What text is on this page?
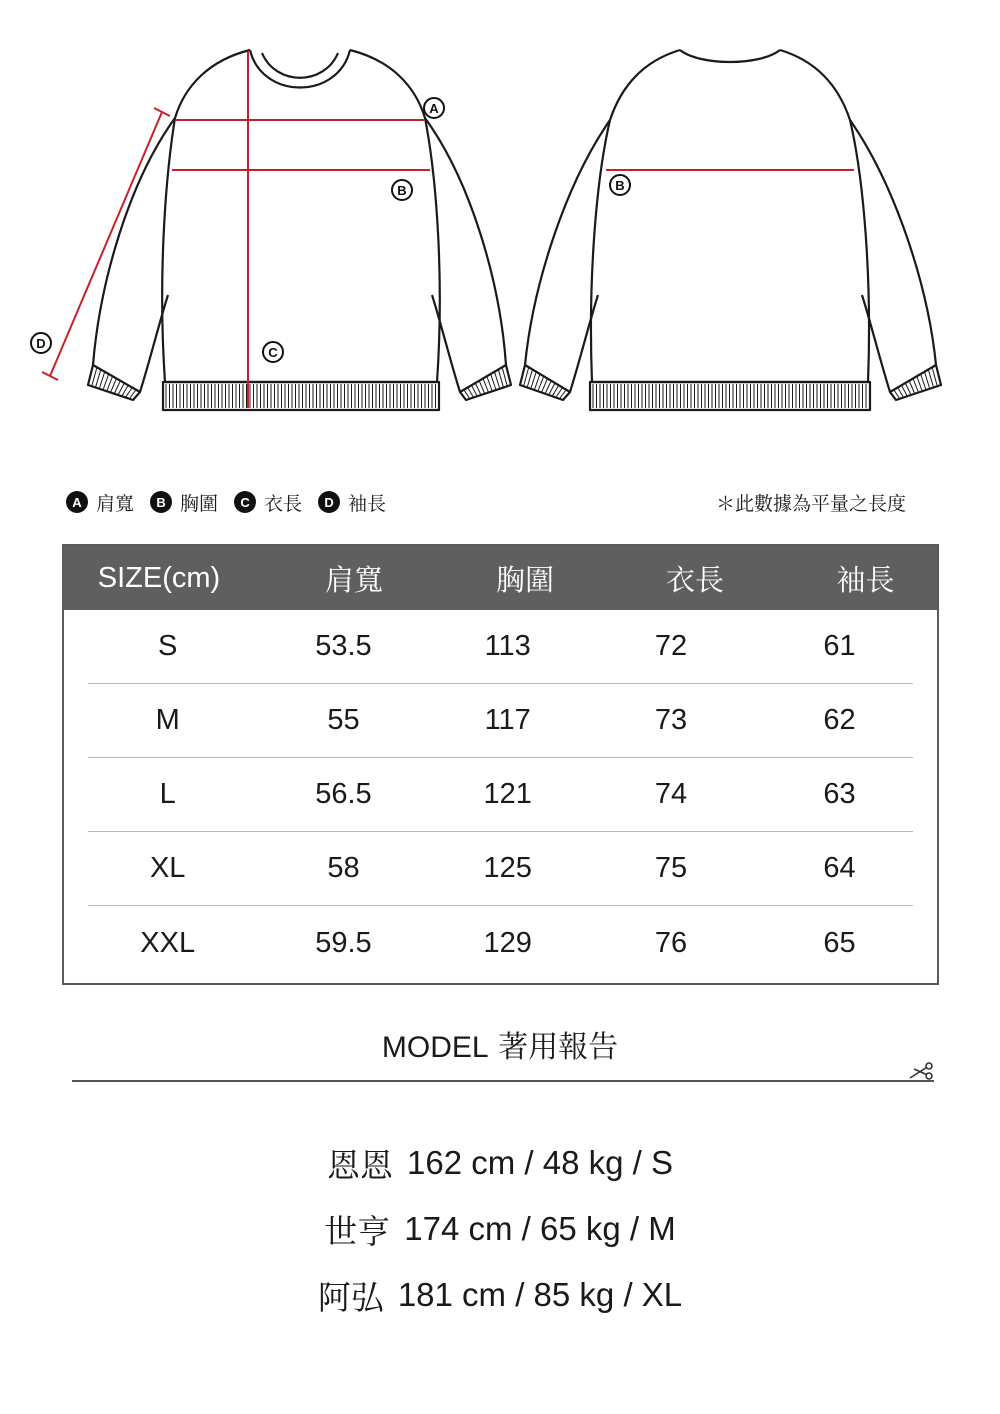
A
B
C
D
B
A 肩寬	B 胸圍	C 衣長	D 袖長	＊此數據為平量之長度
SIZE(cm)	肩寬	胸圍	衣長	袖長
S	53.5	113	72	61
M	55	117	73	62
L	56.5	121	74	63
XL	58	125	75	64
XXL	59.5	129	76	65
MODEL 著用報告
恩恩 162 cm / 48 kg / S
世亨 174 cm / 65 kg / M
阿弘 181 cm / 85 kg / XL
